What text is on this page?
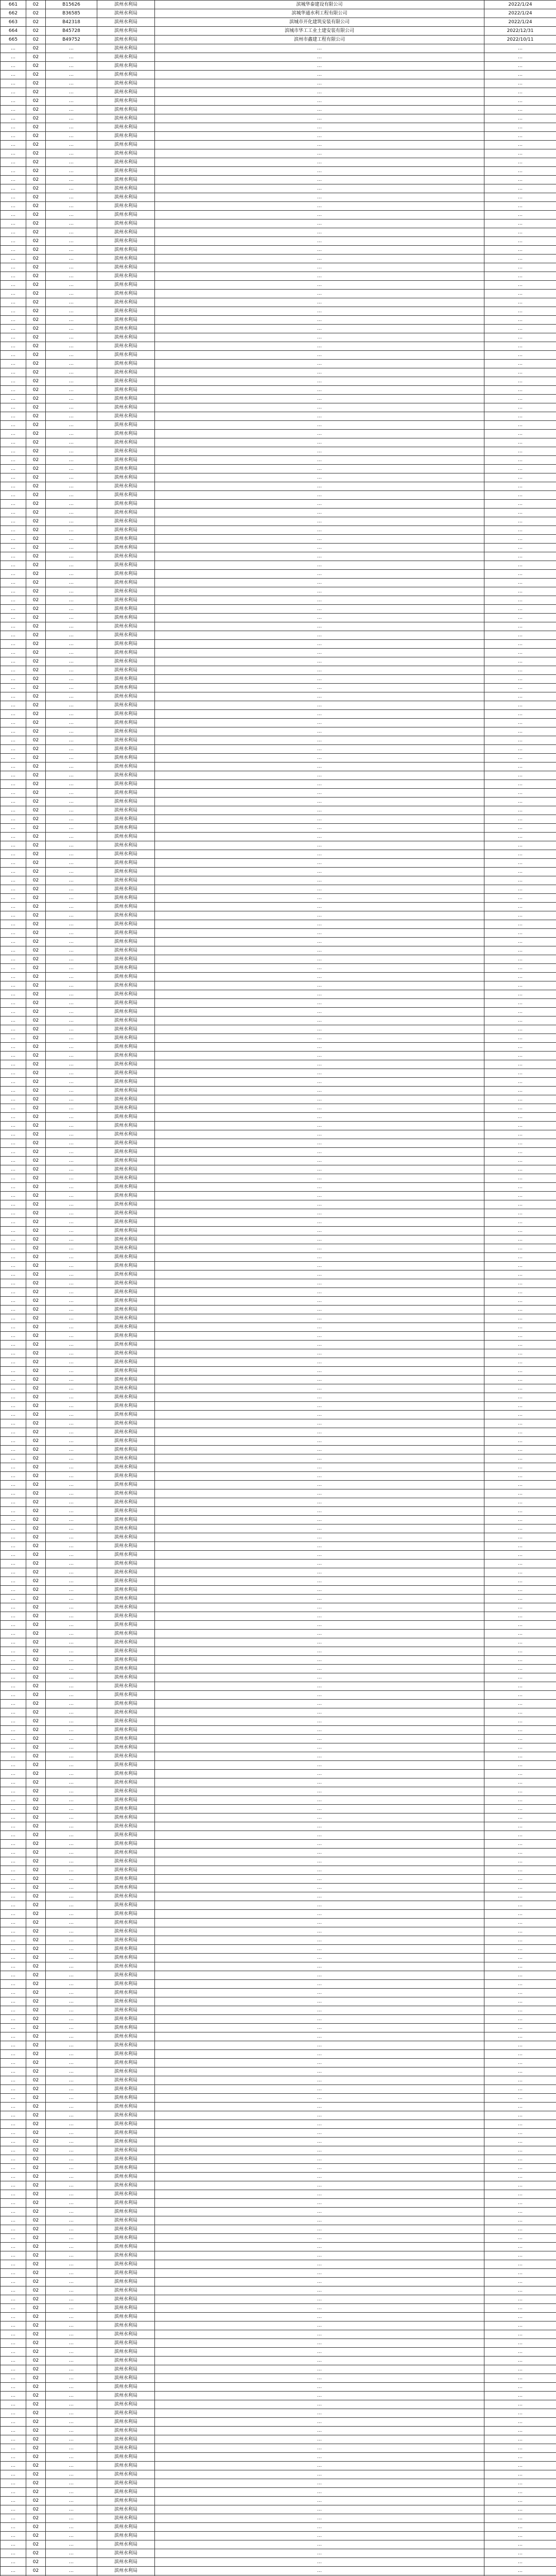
661	02	B15626	滨州水利局	滨城华泰建设有限公司	2022/1/24
662	02	B36585	滨州水利局	滨城华通水利工程有限公司	2022/1/24
663	02	B42318	滨州水利局	滨城市开化建筑安装有限公司	2022/1/24
664	02	B45728	滨州水利局	滨城市华工工业土建安装有限公司	2022/12/31
665	02	B49752	滨州水利局	滨州市鑫建工程有限公司	2022/10/11
…	02	…	滨州水利局	…	…
…	02	…	滨州水利局	…	…
…	02	…	滨州水利局	…	…
…	02	…	滨州水利局	…	…
…	02	…	滨州水利局	…	…
…	02	…	滨州水利局	…	…
…	02	…	滨州水利局	…	…
…	02	…	滨州水利局	…	…
…	02	…	滨州水利局	…	…
…	02	…	滨州水利局	…	…
…	02	…	滨州水利局	…	…
…	02	…	滨州水利局	…	…
…	02	…	滨州水利局	…	…
…	02	…	滨州水利局	…	…
…	02	…	滨州水利局	…	…
…	02	…	滨州水利局	…	…
…	02	…	滨州水利局	…	…
…	02	…	滨州水利局	…	…
…	02	…	滨州水利局	…	…
…	02	…	滨州水利局	…	…
…	02	…	滨州水利局	…	…
…	02	…	滨州水利局	…	…
…	02	…	滨州水利局	…	…
…	02	…	滨州水利局	…	…
…	02	…	滨州水利局	…	…
…	02	…	滨州水利局	…	…
…	02	…	滨州水利局	…	…
…	02	…	滨州水利局	…	…
…	02	…	滨州水利局	…	…
…	02	…	滨州水利局	…	…
…	02	…	滨州水利局	…	…
…	02	…	滨州水利局	…	…
…	02	…	滨州水利局	…	…
…	02	…	滨州水利局	…	…
…	02	…	滨州水利局	…	…
…	02	…	滨州水利局	…	…
…	02	…	滨州水利局	…	…
…	02	…	滨州水利局	…	…
…	02	…	滨州水利局	…	…
…	02	…	滨州水利局	…	…
…	02	…	滨州水利局	…	…
…	02	…	滨州水利局	…	…
…	02	…	滨州水利局	…	…
…	02	…	滨州水利局	…	…
…	02	…	滨州水利局	…	…
…	02	…	滨州水利局	…	…
…	02	…	滨州水利局	…	…
…	02	…	滨州水利局	…	…
…	02	…	滨州水利局	…	…
…	02	…	滨州水利局	…	…
…	02	…	滨州水利局	…	…
…	02	…	滨州水利局	…	…
…	02	…	滨州水利局	…	…
…	02	…	滨州水利局	…	…
…	02	…	滨州水利局	…	…
…	02	…	滨州水利局	…	…
…	02	…	滨州水利局	…	…
…	02	…	滨州水利局	…	…
…	02	…	滨州水利局	…	…
…	02	…	滨州水利局	…	…
…	02	…	滨州水利局	…	…
…	02	…	滨州水利局	…	…
…	02	…	滨州水利局	…	…
…	02	…	滨州水利局	…	…
…	02	…	滨州水利局	…	…
…	02	…	滨州水利局	…	…
…	02	…	滨州水利局	…	…
…	02	…	滨州水利局	…	…
…	02	…	滨州水利局	…	…
…	02	…	滨州水利局	…	…
…	02	…	滨州水利局	…	…
…	02	…	滨州水利局	…	…
…	02	…	滨州水利局	…	…
…	02	…	滨州水利局	…	…
…	02	…	滨州水利局	…	…
…	02	…	滨州水利局	…	…
…	02	…	滨州水利局	…	…
…	02	…	滨州水利局	…	…
…	02	…	滨州水利局	…	…
…	02	…	滨州水利局	…	…
…	02	…	滨州水利局	…	…
…	02	…	滨州水利局	…	…
…	02	…	滨州水利局	…	…
…	02	…	滨州水利局	…	…
…	02	…	滨州水利局	…	…
…	02	…	滨州水利局	…	…
…	02	…	滨州水利局	…	…
…	02	…	滨州水利局	…	…
…	02	…	滨州水利局	…	…
…	02	…	滨州水利局	…	…
…	02	…	滨州水利局	…	…
…	02	…	滨州水利局	…	…
…	02	…	滨州水利局	…	…
…	02	…	滨州水利局	…	…
…	02	…	滨州水利局	…	…
…	02	…	滨州水利局	…	…
…	02	…	滨州水利局	…	…
…	02	…	滨州水利局	…	…
…	02	…	滨州水利局	…	…
…	02	…	滨州水利局	…	…
…	02	…	滨州水利局	…	…
…	02	…	滨州水利局	…	…
…	02	…	滨州水利局	…	…
…	02	…	滨州水利局	…	…
…	02	…	滨州水利局	…	…
…	02	…	滨州水利局	…	…
…	02	…	滨州水利局	…	…
…	02	…	滨州水利局	…	…
…	02	…	滨州水利局	…	…
…	02	…	滨州水利局	…	…
…	02	…	滨州水利局	…	…
…	02	…	滨州水利局	…	…
…	02	…	滨州水利局	…	…
…	02	…	滨州水利局	…	…
…	02	…	滨州水利局	…	…
…	02	…	滨州水利局	…	…
…	02	…	滨州水利局	…	…
…	02	…	滨州水利局	…	…
…	02	…	滨州水利局	…	…
…	02	…	滨州水利局	…	…
…	02	…	滨州水利局	…	…
…	02	…	滨州水利局	…	…
…	02	…	滨州水利局	…	…
…	02	…	滨州水利局	…	…
…	02	…	滨州水利局	…	…
…	02	…	滨州水利局	…	…
…	02	…	滨州水利局	…	…
…	02	…	滨州水利局	…	…
…	02	…	滨州水利局	…	…
…	02	…	滨州水利局	…	…
…	02	…	滨州水利局	…	…
…	02	…	滨州水利局	…	…
…	02	…	滨州水利局	…	…
…	02	…	滨州水利局	…	…
…	02	…	滨州水利局	…	…
…	02	…	滨州水利局	…	…
…	02	…	滨州水利局	…	…
…	02	…	滨州水利局	…	…
…	02	…	滨州水利局	…	…
…	02	…	滨州水利局	…	…
…	02	…	滨州水利局	…	…
…	02	…	滨州水利局	…	…
…	02	…	滨州水利局	…	…
…	02	…	滨州水利局	…	…
…	02	…	滨州水利局	…	…
…	02	…	滨州水利局	…	…
…	02	…	滨州水利局	…	…
…	02	…	滨州水利局	…	…
…	02	…	滨州水利局	…	…
…	02	…	滨州水利局	…	…
…	02	…	滨州水利局	…	…
…	02	…	滨州水利局	…	…
…	02	…	滨州水利局	…	…
…	02	…	滨州水利局	…	…
…	02	…	滨州水利局	…	…
…	02	…	滨州水利局	…	…
…	02	…	滨州水利局	…	…
…	02	…	滨州水利局	…	…
…	02	…	滨州水利局	…	…
…	02	…	滨州水利局	…	…
…	02	…	滨州水利局	…	…
…	02	…	滨州水利局	…	…
…	02	…	滨州水利局	…	…
…	02	…	滨州水利局	…	…
…	02	…	滨州水利局	…	…
…	02	…	滨州水利局	…	…
…	02	…	滨州水利局	…	…
…	02	…	滨州水利局	…	…
…	02	…	滨州水利局	…	…
…	02	…	滨州水利局	…	…
…	02	…	滨州水利局	…	…
…	02	…	滨州水利局	…	…
…	02	…	滨州水利局	…	…
…	02	…	滨州水利局	…	…
…	02	…	滨州水利局	…	…
…	02	…	滨州水利局	…	…
…	02	…	滨州水利局	…	…
…	02	…	滨州水利局	…	…
…	02	…	滨州水利局	…	…
…	02	…	滨州水利局	…	…
…	02	…	滨州水利局	…	…
…	02	…	滨州水利局	…	…
…	02	…	滨州水利局	…	…
…	02	…	滨州水利局	…	…
…	02	…	滨州水利局	…	…
…	02	…	滨州水利局	…	…
…	02	…	滨州水利局	…	…
…	02	…	滨州水利局	…	…
…	02	…	滨州水利局	…	…
…	02	…	滨州水利局	…	…
…	02	…	滨州水利局	…	…
…	02	…	滨州水利局	…	…
…	02	…	滨州水利局	…	…
…	02	…	滨州水利局	…	…
…	02	…	滨州水利局	…	…
…	02	…	滨州水利局	…	…
…	02	…	滨州水利局	…	…
…	02	…	滨州水利局	…	…
…	02	…	滨州水利局	…	…
…	02	…	滨州水利局	…	…
…	02	…	滨州水利局	…	…
…	02	…	滨州水利局	…	…
…	02	…	滨州水利局	…	…
…	02	…	滨州水利局	…	…
…	02	…	滨州水利局	…	…
…	02	…	滨州水利局	…	…
…	02	…	滨州水利局	…	…
…	02	…	滨州水利局	…	…
…	02	…	滨州水利局	…	…
…	02	…	滨州水利局	…	…
…	02	…	滨州水利局	…	…
…	02	…	滨州水利局	…	…
…	02	…	滨州水利局	…	…
…	02	…	滨州水利局	…	…
…	02	…	滨州水利局	…	…
…	02	…	滨州水利局	…	…
…	02	…	滨州水利局	…	…
…	02	…	滨州水利局	…	…
…	02	…	滨州水利局	…	…
…	02	…	滨州水利局	…	…
…	02	…	滨州水利局	…	…
…	02	…	滨州水利局	…	…
…	02	…	滨州水利局	…	…
…	02	…	滨州水利局	…	…
…	02	…	滨州水利局	…	…
…	02	…	滨州水利局	…	…
…	02	…	滨州水利局	…	…
…	02	…	滨州水利局	…	…
…	02	…	滨州水利局	…	…
…	02	…	滨州水利局	…	…
…	02	…	滨州水利局	…	…
…	02	…	滨州水利局	…	…
…	02	…	滨州水利局	…	…
…	02	…	滨州水利局	…	…
…	02	…	滨州水利局	…	…
…	02	…	滨州水利局	…	…
…	02	…	滨州水利局	…	…
…	02	…	滨州水利局	…	…
…	02	…	滨州水利局	…	…
…	02	…	滨州水利局	…	…
…	02	…	滨州水利局	…	…
…	02	…	滨州水利局	…	…
…	02	…	滨州水利局	…	…
…	02	…	滨州水利局	…	…
…	02	…	滨州水利局	…	…
…	02	…	滨州水利局	…	…
…	02	…	滨州水利局	…	…
…	02	…	滨州水利局	…	…
…	02	…	滨州水利局	…	…
…	02	…	滨州水利局	…	…
…	02	…	滨州水利局	…	…
…	02	…	滨州水利局	…	…
…	02	…	滨州水利局	…	…
…	02	…	滨州水利局	…	…
…	02	…	滨州水利局	…	…
…	02	…	滨州水利局	…	…
…	02	…	滨州水利局	…	…
…	02	…	滨州水利局	…	…
…	02	…	滨州水利局	…	…
…	02	…	滨州水利局	…	…
…	02	…	滨州水利局	…	…
…	02	…	滨州水利局	…	…
…	02	…	滨州水利局	…	…
…	02	…	滨州水利局	…	…
…	02	…	滨州水利局	…	…
…	02	…	滨州水利局	…	…
…	02	…	滨州水利局	…	…
…	02	…	滨州水利局	…	…
…	02	…	滨州水利局	…	…
…	02	…	滨州水利局	…	…
…	02	…	滨州水利局	…	…
…	02	…	滨州水利局	…	…
…	02	…	滨州水利局	…	…
…	02	…	滨州水利局	…	…
…	02	…	滨州水利局	…	…
…	02	…	滨州水利局	…	…
…	02	…	滨州水利局	…	…
…	02	…	滨州水利局	…	…
…	02	…	滨州水利局	…	…
…	02	…	滨州水利局	…	…
…	02	…	滨州水利局	…	…
…	02	…	滨州水利局	…	…
…	02	…	滨州水利局	…	…
…	02	…	滨州水利局	…	…
…	02	…	滨州水利局	…	…
…	02	…	滨州水利局	…	…
…	02	…	滨州水利局	…	…
…	02	…	滨州水利局	…	…
…	02	…	滨州水利局	…	…
